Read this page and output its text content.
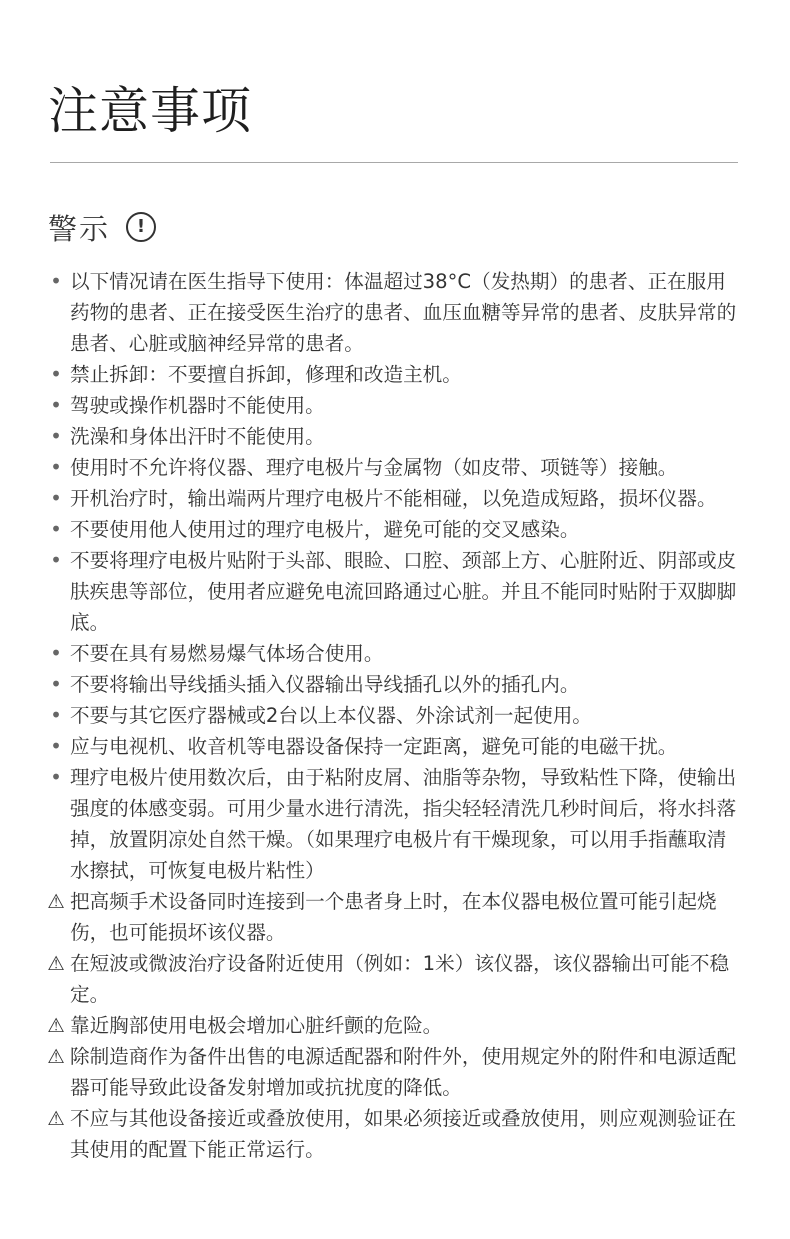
注意事项
警示	!
• 以下情况请在医生指导下使用：体温超过38°C（发热期）的患者、正在服用药物的患者、正在接受医生治疗的患者、血压血糖等异常的患者、皮肤异常的患者、心脏或脑神经异常的患者。
• 禁止拆卸：不要擅自拆卸，修理和改造主机。
• 驾驶或操作机器时不能使用。
• 洗澡和身体出汗时不能使用。
• 使用时不允许将仪器、理疗电极片与金属物（如皮带、项链等）接触。
• 开机治疗时，输出端两片理疗电极片不能相碰，以免造成短路，损坏仪器。
• 不要使用他人使用过的理疗电极片，避免可能的交叉感染。
• 不要将理疗电极片贴附于头部、眼睑、口腔、颈部上方、心脏附近、阴部或皮肤疾患等部位，使用者应避免电流回路通过心脏。并且不能同时贴附于双脚脚底。
• 不要在具有易燃易爆气体场合使用。
• 不要将输出导线插头插入仪器输出导线插孔以外的插孔内。
• 不要与其它医疗器械或2台以上本仪器、外涂试剂一起使用。
• 应与电视机、收音机等电器设备保持一定距离，避免可能的电磁干扰。
• 理疗电极片使用数次后，由于粘附皮屑、油脂等杂物，导致粘性下降，使输出强度的体感变弱。可用少量水进行清洗，指尖轻轻清洗几秒时间后，将水抖落掉，放置阴凉处自然干燥。（如果理疗电极片有干燥现象，可以用手指蘸取清水擦拭，可恢复电极片粘性）
⚠ 把高频手术设备同时连接到一个患者身上时，在本仪器电极位置可能引起烧伤，也可能损坏该仪器。
⚠ 在短波或微波治疗设备附近使用（例如：1米）该仪器，该仪器输出可能不稳定。
⚠ 靠近胸部使用电极会增加心脏纤颤的危险。
⚠ 除制造商作为备件出售的电源适配器和附件外，使用规定外的附件和电源适配器可能导致此设备发射增加或抗扰度的降低。
⚠ 不应与其他设备接近或叠放使用，如果必须接近或叠放使用，则应观测验证在其使用的配置下能正常运行。
